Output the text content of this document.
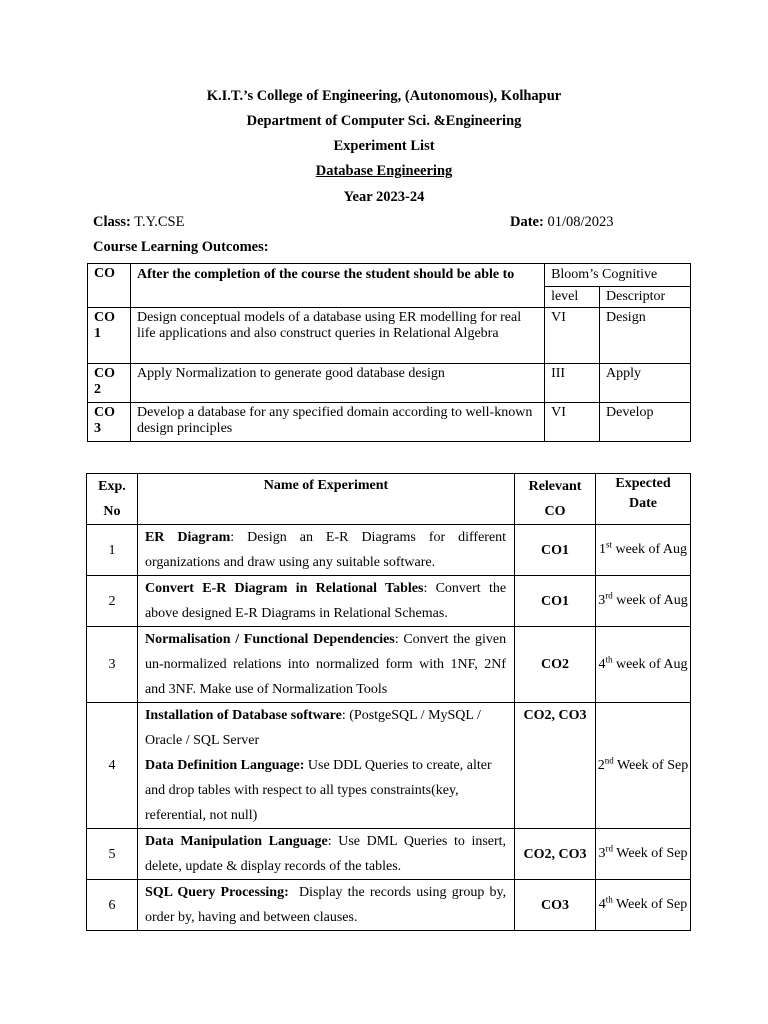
K.I.T.’s College of Engineering, (Autonomous), Kolhapur
Department of Computer Sci. &Engineering
Experiment List
Database Engineering
Year 2023-24
Class: T.Y.CSE	Date: 01/08/2023
Course Learning Outcomes:
CO	After the completion of the course the student should be able to	Bloom’s Cognitive	
		level	Descriptor
CO 1	Design conceptual models of a database using ER modelling for real life applications and also construct queries in Relational Algebra	VI	Design
CO 2	Apply Normalization to generate good database design	III	Apply
CO 3	Develop a database for any specified domain according to well-known design principles	VI	Develop
Exp. No	Name of Experiment	Relevant CO	Expected Date
1	ER Diagram: Design an E-R Diagrams for different organizations and draw using any suitable software.	CO1	1st week of Aug
2	Convert E-R Diagram in Relational Tables: Convert the above designed E-R Diagrams in Relational Schemas.	CO1	3rd week of Aug
3	Normalisation / Functional Dependencies: Convert the given un-normalized relations into normalized form with 1NF, 2Nf and 3NF. Make use of Normalization Tools	CO2	4th week of Aug
4	Installation of Database software: (PostgeSQL / MySQL / Oracle / SQL Server
Data Definition Language: Use DDL Queries to create, alter and drop tables with respect to all types constraints(key, referential, not null)	CO2, CO3	2nd Week of Sep
5	Data Manipulation Language: Use DML Queries to insert, delete, update & display records of the tables.	CO2, CO3	3rd Week of Sep
6	SQL Query Processing:  Display the records using group by, order by, having and between clauses.	CO3	4th Week of Sep
